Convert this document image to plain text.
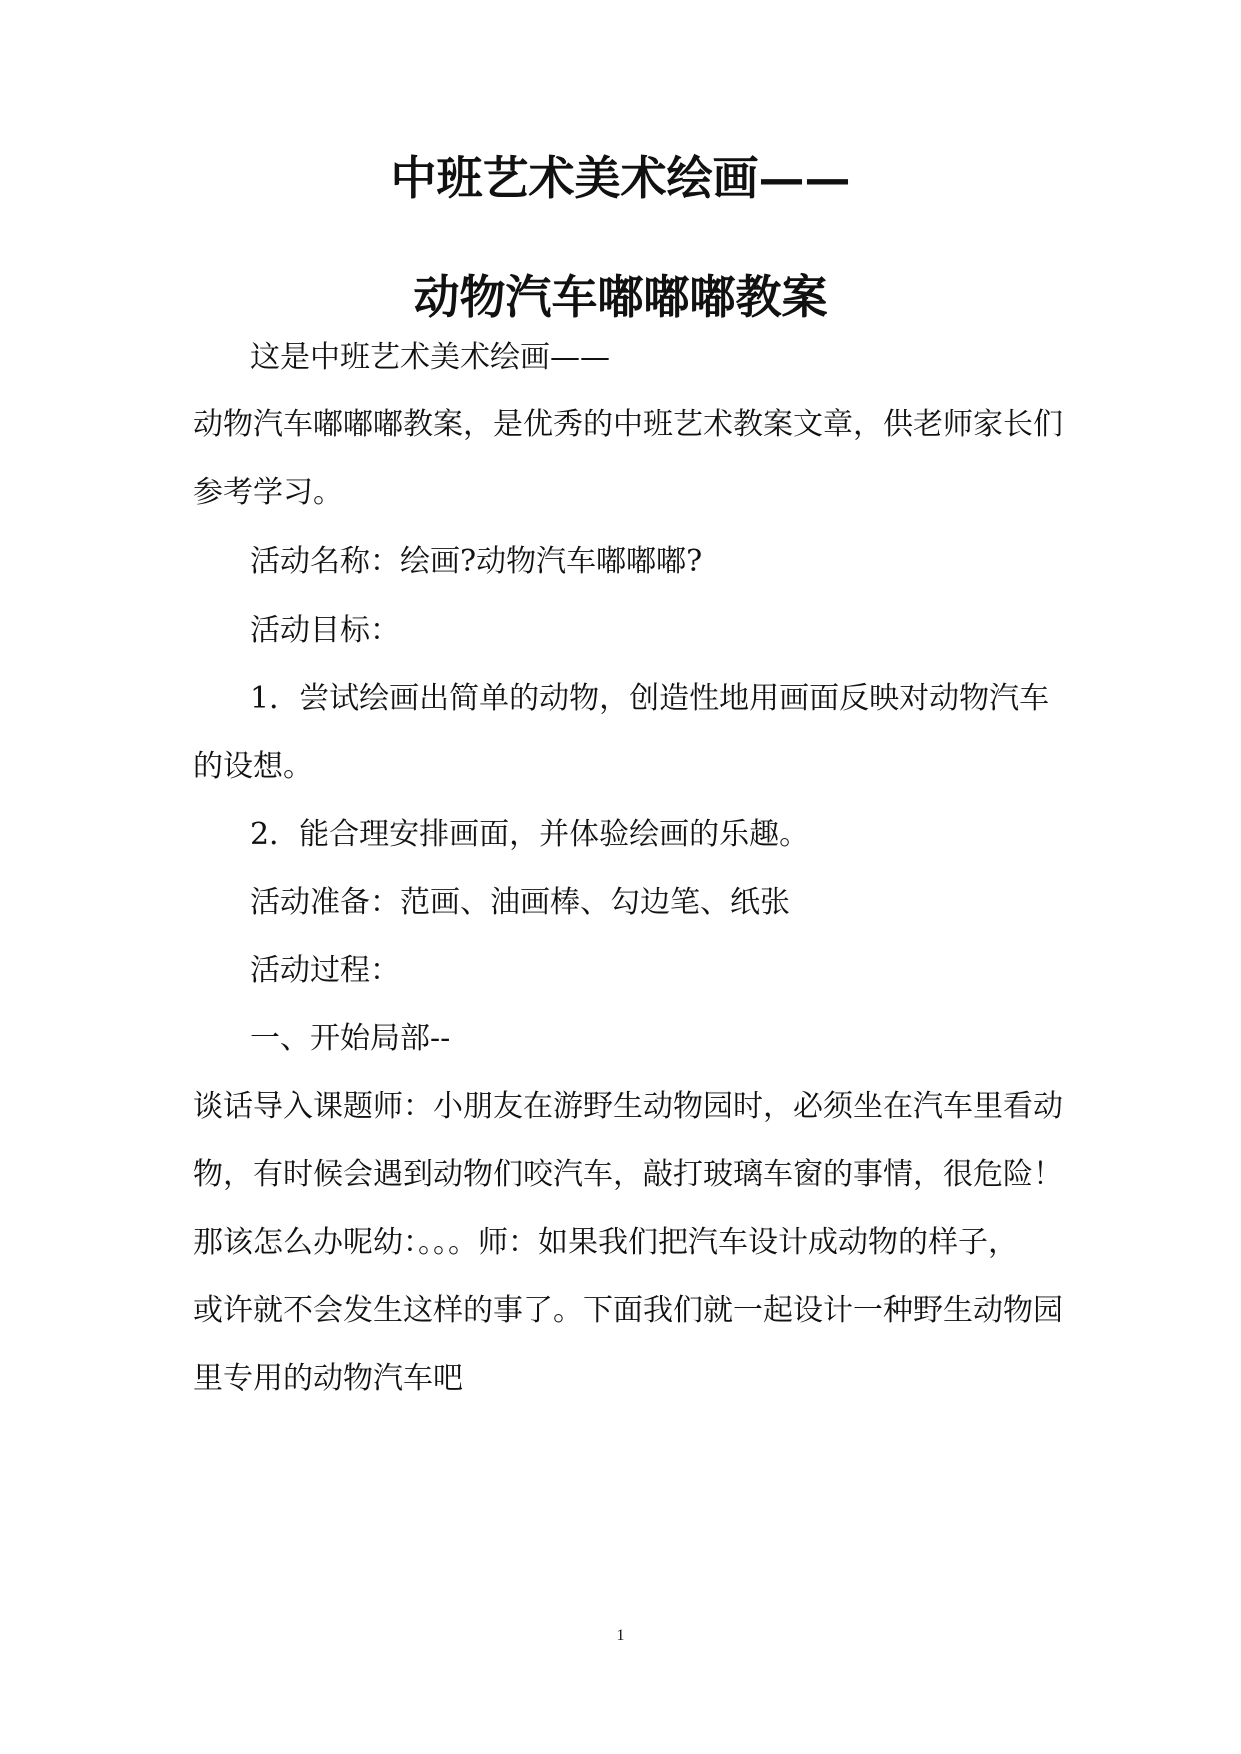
中班艺术美术绘画——
动物汽车嘟嘟嘟教案
这是中班艺术美术绘画——
动物汽车嘟嘟嘟教案，是优秀的中班艺术教案文章，供老师家长们
参考学习。
活动名称：绘画?动物汽车嘟嘟嘟?
活动目标：
1．尝试绘画出简单的动物，创造性地用画面反映对动物汽车
的设想。
2．能合理安排画面，并体验绘画的乐趣。
活动准备：范画、油画棒、勾边笔、纸张
活动过程：
一、开始局部--
谈话导入课题师：小朋友在游野生动物园时，必须坐在汽车里看动
物，有时候会遇到动物们咬汽车，敲打玻璃车窗的事情，很危险！
那该怎么办呢幼：。。。师：如果我们把汽车设计成动物的样子，
或许就不会发生这样的事了。下面我们就一起设计一种野生动物园
里专用的动物汽车吧
1
